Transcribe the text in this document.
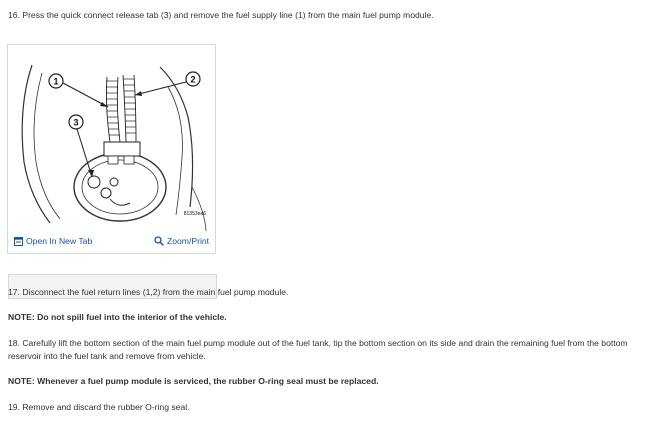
16. Press the quick connect release tab (3) and remove the fuel supply line (1) from the main fuel pump module.

1	2
3
81353ea6
Open In New Tab	Zoom/Print

17. Disconnect the fuel return lines (1,2) from the main fuel pump module.

NOTE: Do not spill fuel into the interior of the vehicle.

18. Carefully lift the bottom section of the main fuel pump module out of the fuel tank, tip the bottom section on its side and drain the remaining fuel from the bottom reservoir into the fuel tank and remove from vehicle.

NOTE: Whenever a fuel pump module is serviced, the rubber O-ring seal must be replaced.

19. Remove and discard the rubber O-ring seal.
